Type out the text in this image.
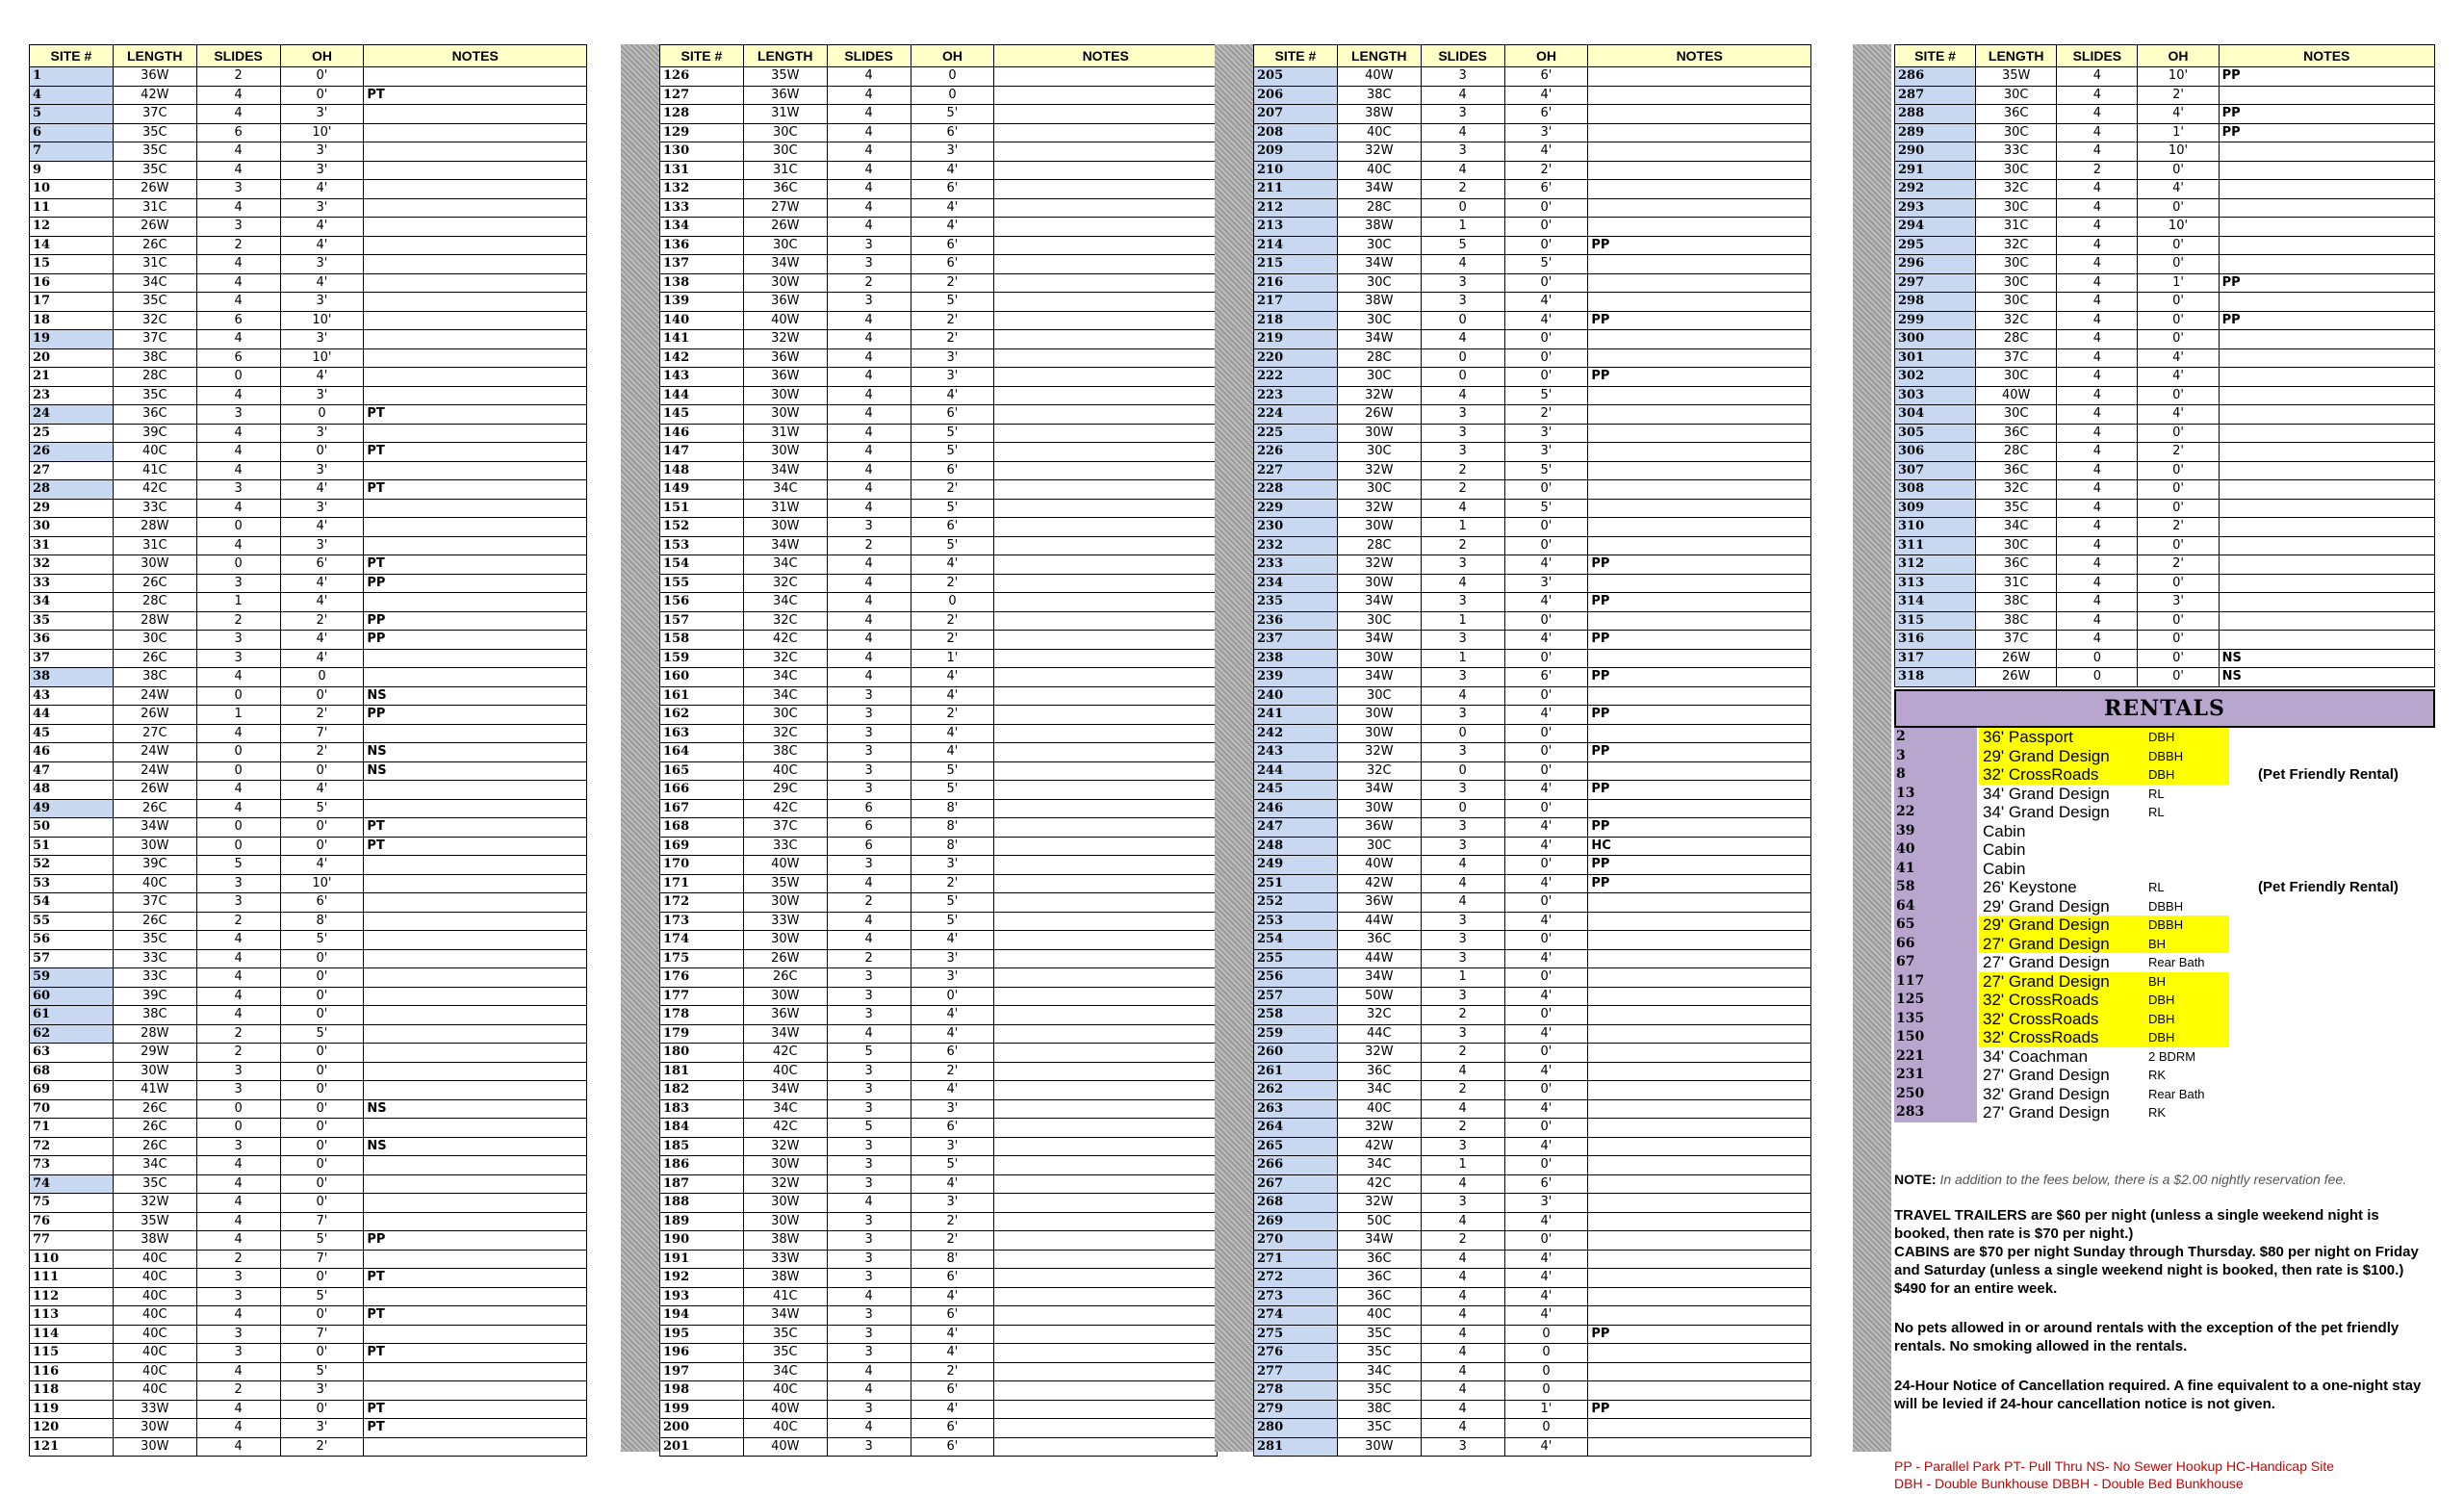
SITE #	LENGTH	SLIDES	OH	NOTES
1	36W	2	0'	
4	42W	4	0'	PT
5	37C	4	3'	
6	35C	6	10'	
7	35C	4	3'	
9	35C	4	3'	
10	26W	3	4'	
11	31C	4	3'	
12	26W	3	4'	
14	26C	2	4'	
15	31C	4	3'	
16	34C	4	4'	
17	35C	4	3'	
18	32C	6	10'	
19	37C	4	3'	
20	38C	6	10'	
21	28C	0	4'	
23	35C	4	3'	
24	36C	3	0	PT
25	39C	4	3'	
26	40C	4	0'	PT
27	41C	4	3'	
28	42C	3	4'	PT
29	33C	4	3'	
30	28W	0	4'	
31	31C	4	3'	
32	30W	0	6'	PT
33	26C	3	4'	PP
34	28C	1	4'	
35	28W	2	2'	PP
36	30C	3	4'	PP
37	26C	3	4'	
38	38C	4	0	
43	24W	0	0'	NS
44	26W	1	2'	PP
45	27C	4	7'	
46	24W	0	2'	NS
47	24W	0	0'	NS
48	26W	4	4'	
49	26C	4	5'	
50	34W	0	0'	PT
51	30W	0	0'	PT
52	39C	5	4'	
53	40C	3	10'	
54	37C	3	6'	
55	26C	2	8'	
56	35C	4	5'	
57	33C	4	0'	
59	33C	4	0'	
60	39C	4	0'	
61	38C	4	0'	
62	28W	2	5'	
63	29W	2	0'	
68	30W	3	0'	
69	41W	3	0'	
70	26C	0	0'	NS
71	26C	0	0'	
72	26C	3	0'	NS
73	34C	4	0'	
74	35C	4	0'	
75	32W	4	0'	
76	35W	4	7'	
77	38W	4	5'	PP
110	40C	2	7'	
111	40C	3	0'	PT
112	40C	3	5'	
113	40C	4	0'	PT
114	40C	3	7'	
115	40C	3	0'	PT
116	40C	4	5'	
118	40C	2	3'	
119	33W	4	0'	PT
120	30W	4	3'	PT
121	30W	4	2'	
SITE #	LENGTH	SLIDES	OH	NOTES
126	35W	4	0	
127	36W	4	0	
128	31W	4	5'	
129	30C	4	6'	
130	30C	4	3'	
131	31C	4	4'	
132	36C	4	6'	
133	27W	4	4'	
134	26W	4	4'	
136	30C	3	6'	
137	34W	3	6'	
138	30W	2	2'	
139	36W	3	5'	
140	40W	4	2'	
141	32W	4	2'	
142	36W	4	3'	
143	36W	4	3'	
144	30W	4	4'	
145	30W	4	6'	
146	31W	4	5'	
147	30W	4	5'	
148	34W	4	6'	
149	34C	4	2'	
151	31W	4	5'	
152	30W	3	6'	
153	34W	2	5'	
154	34C	4	4'	
155	32C	4	2'	
156	34C	4	0	
157	32C	4	2'	
158	42C	4	2'	
159	32C	4	1'	
160	34C	4	4'	
161	34C	3	4'	
162	30C	3	2'	
163	32C	3	4'	
164	38C	3	4'	
165	40C	3	5'	
166	29C	3	5'	
167	42C	6	8'	
168	37C	6	8'	
169	33C	6	8'	
170	40W	3	3'	
171	35W	4	2'	
172	30W	2	5'	
173	33W	4	5'	
174	30W	4	4'	
175	26W	2	3'	
176	26C	3	3'	
177	30W	3	0'	
178	36W	3	4'	
179	34W	4	4'	
180	42C	5	6'	
181	40C	3	2'	
182	34W	3	4'	
183	34C	3	3'	
184	42C	5	6'	
185	32W	3	3'	
186	30W	3	5'	
187	32W	3	4'	
188	30W	4	3'	
189	30W	3	2'	
190	38W	3	2'	
191	33W	3	8'	
192	38W	3	6'	
193	41C	4	4'	
194	34W	3	6'	
195	35C	3	4'	
196	35C	3	4'	
197	34C	4	2'	
198	40C	4	6'	
199	40W	3	4'	
200	40C	4	6'	
201	40W	3	6'	
SITE #	LENGTH	SLIDES	OH	NOTES
205	40W	3	6'	
206	38C	4	4'	
207	38W	3	6'	
208	40C	4	3'	
209	32W	3	4'	
210	40C	4	2'	
211	34W	2	6'	
212	28C	0	0'	
213	38W	1	0'	
214	30C	5	0'	PP
215	34W	4	5'	
216	30C	3	0'	
217	38W	3	4'	
218	30C	0	4'	PP
219	34W	4	0'	
220	28C	0	0'	
222	30C	0	0'	PP
223	32W	4	5'	
224	26W	3	2'	
225	30W	3	3'	
226	30C	3	3'	
227	32W	2	5'	
228	30C	2	0'	
229	32W	4	5'	
230	30W	1	0'	
232	28C	2	0'	
233	32W	3	4'	PP
234	30W	4	3'	
235	34W	3	4'	PP
236	30C	1	0'	
237	34W	3	4'	PP
238	30W	1	0'	
239	34W	3	6'	PP
240	30C	4	0'	
241	30W	3	4'	PP
242	30W	0	0'	
243	32W	3	0'	PP
244	32C	0	0'	
245	34W	3	4'	PP
246	30W	0	0'	
247	36W	3	4'	PP
248	30C	3	4'	HC
249	40W	4	0'	PP
251	42W	4	4'	PP
252	36W	4	0'	
253	44W	3	4'	
254	36C	3	0'	
255	44W	3	4'	
256	34W	1	0'	
257	50W	3	4'	
258	32C	2	0'	
259	44C	3	4'	
260	32W	2	0'	
261	36C	4	4'	
262	34C	2	0'	
263	40C	4	4'	
264	32W	2	0'	
265	42W	3	4'	
266	34C	1	0'	
267	42C	4	6'	
268	32W	3	3'	
269	50C	4	4'	
270	34W	2	0'	
271	36C	4	4'	
272	36C	4	4'	
273	36C	4	4'	
274	40C	4	4'	
275	35C	4	0	PP
276	35C	4	0	
277	34C	4	0	
278	35C	4	0	
279	38C	4	1'	PP
280	35C	4	0	
281	30W	3	4'	
SITE #	LENGTH	SLIDES	OH	NOTES
286	35W	4	10'	PP
287	30C	4	2'	
288	36C	4	4'	PP
289	30C	4	1'	PP
290	33C	4	10'	
291	30C	2	0'	
292	32C	4	4'	
293	30C	4	0'	
294	31C	4	10'	
295	32C	4	0'	
296	30C	4	0'	
297	30C	4	1'	PP
298	30C	4	0'	
299	32C	4	0'	PP
300	28C	4	0'	
301	37C	4	4'	
302	30C	4	4'	
303	40W	4	0'	
304	30C	4	4'	
305	36C	4	0'	
306	28C	4	2'	
307	36C	4	0'	
308	32C	4	0'	
309	35C	4	0'	
310	34C	4	2'	
311	30C	4	0'	
312	36C	4	2'	
313	31C	4	0'	
314	38C	4	3'	
315	38C	4	0'	
316	37C	4	0'	
317	26W	0	0'	NS
318	26W	0	0'	NS
RENTALS
2	36' Passport	DBH
3	29' Grand Design	DBBH
8	32' CrossRoads	DBH	(Pet Friendly Rental)
13	34' Grand Design	RL
22	34' Grand Design	RL
39	Cabin
40	Cabin
41	Cabin
58	26' Keystone	RL	(Pet Friendly Rental)
64	29' Grand Design	DBBH
65	29' Grand Design	DBBH
66	27' Grand Design	BH
67	27' Grand Design	Rear Bath
117	27' Grand Design	BH
125	32' CrossRoads	DBH
135	32' CrossRoads	DBH
150	32' CrossRoads	DBH
221	34' Coachman	2 BDRM
231	27' Grand Design	RK
250	32' Grand Design	Rear Bath
283	27' Grand Design	RK

NOTE: In addition to the fees below, there is a $2.00 nightly reservation fee.

TRAVEL TRAILERS are $60 per night (unless a single weekend night is booked, then rate is $70 per night.)

CABINS are $70 per night Sunday through Thursday. $80 per night on Friday and Saturday (unless a single weekend night is booked, then rate is $100.) $490 for an entire week.

No pets allowed in or around rentals with the exception of the pet friendly rentals. No smoking allowed in the rentals.

24-Hour Notice of Cancellation required. A fine equivalent to a one-night stay will be levied if 24-hour cancellation notice is not given.

PP - Parallel Park PT- Pull Thru NS- No Sewer Hookup HC-Handicap Site
DBH - Double Bunkhouse DBBH - Double Bed Bunkhouse
